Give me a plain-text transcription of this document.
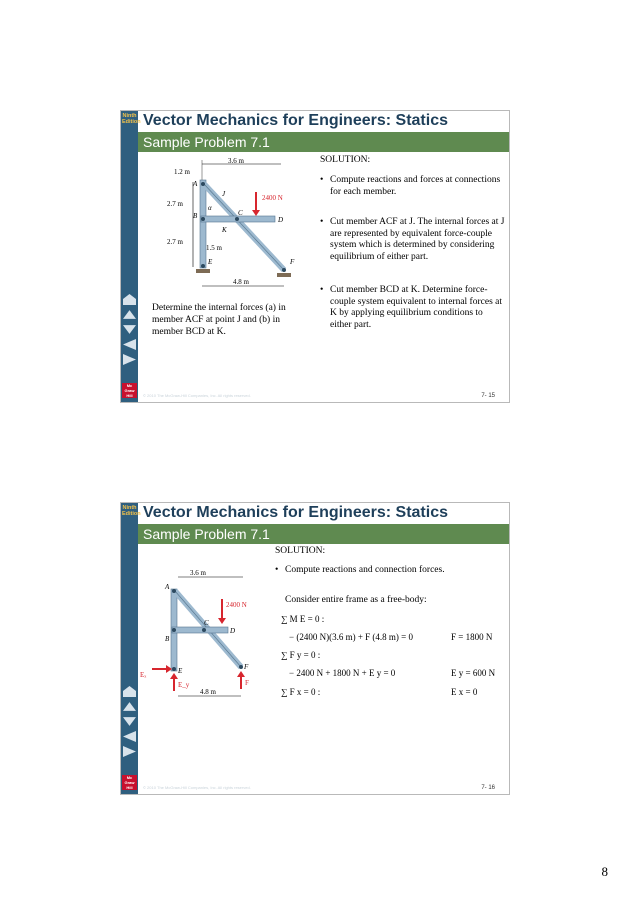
Ninth Edition
Mc Graw Hill
Vector Mechanics for Engineers: Statics
Sample Problem 7.1
3.6 m
1.2 m
2.7 m
2.7 m
1.5 m
4.8 m
2400 N
A
B	C
D
E	F
J
K
α
SOLUTION:
• Compute reactions and forces at connections for each member.
• Cut member ACF at J. The internal forces at J are represented by equivalent force-couple system which is determined by considering equilibrium of either part.
• Cut member BCD at K. Determine force-couple system equivalent to internal forces at K by applying equilibrium conditions to either part.
Determine the internal forces (a) in member ACF at point J and (b) in member BCD at K.
© 2010 The McGraw-Hill Companies, Inc. All rights reserved.	7- 15
Ninth Edition
Mc Graw Hill
Vector Mechanics for Engineers: Statics
Sample Problem 7.1
3.6 m
2400 N
Eₓ
E_y	F
4.8 m
A
B
C
D
E	F
SOLUTION:
• Compute reactions and connection forces.
Consider entire frame as a free-body:
∑ M E = 0 :
− (2400 N)(3.6 m) + F (4.8 m) = 0	F = 1800 N
∑ F y = 0 :
− 2400 N + 1800 N + E y = 0	E y = 600 N
∑ F x = 0 :	E x = 0
© 2010 The McGraw-Hill Companies, Inc. All rights reserved.	7- 16
8
